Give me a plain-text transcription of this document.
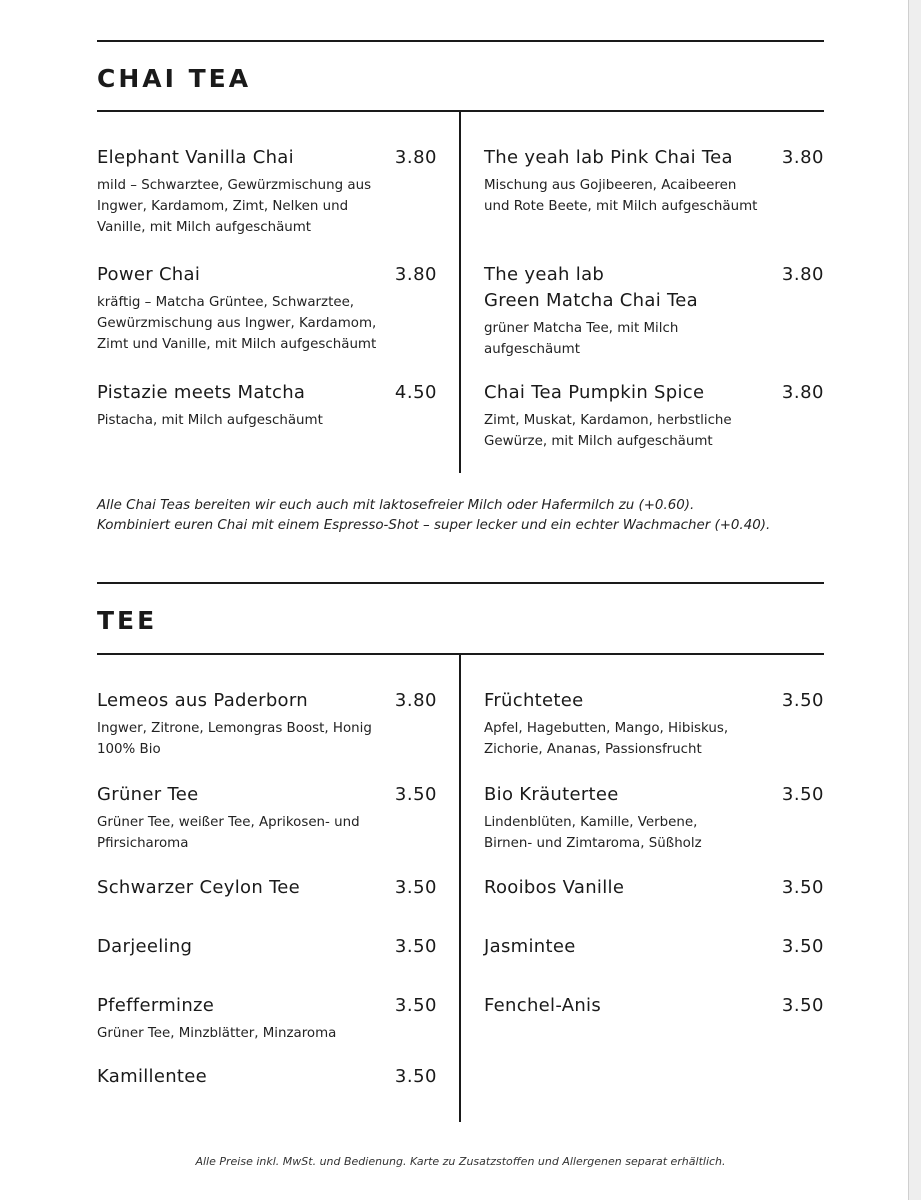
CHAI TEA
Elephant Vanilla Chai	3.80
mild – Schwarztee, Gewürzmischung aus
Ingwer, Kardamom, Zimt, Nelken und
Vanille, mit Milch aufgeschäumt
Power Chai	3.80
kräftig – Matcha Grüntee, Schwarztee,
Gewürzmischung aus Ingwer, Kardamom,
Zimt und Vanille, mit Milch aufgeschäumt
Pistazie meets Matcha	4.50
Pistacha, mit Milch aufgeschäumt
The yeah lab Pink Chai Tea	3.80
Mischung aus Gojibeeren, Acaibeeren
und Rote Beete, mit Milch aufgeschäumt
The yeah lab
Green Matcha Chai Tea
3.80
grüner Matcha Tee, mit Milch
aufgeschäumt
Chai Tea Pumpkin Spice	3.80
Zimt, Muskat, Kardamon, herbstliche
Gewürze, mit Milch aufgeschäumt
Alle Chai Teas bereiten wir euch auch mit laktosefreier Milch oder Hafermilch zu (+0.60).
Kombiniert euren Chai mit einem Espresso-Shot – super lecker und ein echter Wachmacher (+0.40).
TEE
Lemeos aus Paderborn	3.80
Ingwer, Zitrone, Lemongras Boost, Honig
100% Bio
Grüner Tee	3.50
Grüner Tee, weißer Tee, Aprikosen- und
Pfirsicharoma
Schwarzer Ceylon Tee	3.50
Darjeeling	3.50
Pfefferminze	3.50
Grüner Tee, Minzblätter, Minzaroma
Kamillentee	3.50
Früchtetee	3.50
Apfel, Hagebutten, Mango, Hibiskus,
Zichorie, Ananas, Passionsfrucht
Bio Kräutertee	3.50
Lindenblüten, Kamille, Verbene,
Birnen- und Zimtaroma, Süßholz
Rooibos Vanille	3.50
Jasmintee	3.50
Fenchel-Anis	3.50
Alle Preise inkl. MwSt. und Bedienung. Karte zu Zusatzstoffen und Allergenen separat erhältlich.
